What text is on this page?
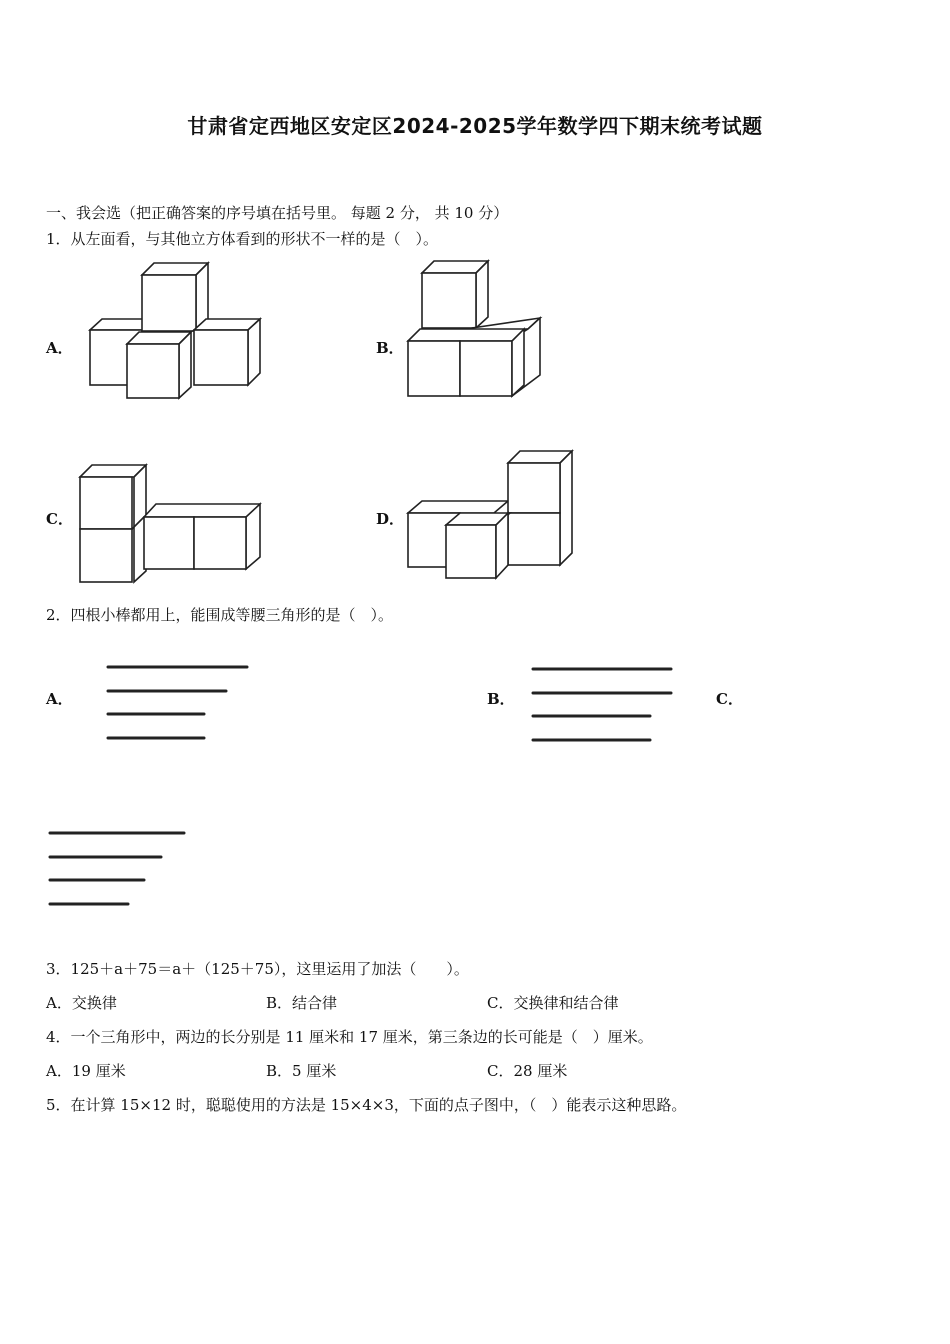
甘肃省定西地区安定区2024-2025学年数学四下期末统考试题
一、我会选（把正确答案的序号填在括号里。 每题 2 分， 共 10 分）
1．从左面看，与其他立方体看到的形状不一样的是（　）。
A．	B．
C．	D．
2．四根小棒都用上，能围成等腰三角形的是（　）。
A．	B．	C．
3．125＋a＋75＝a＋（125＋75），这里运用了加法（　　）。
A．交换律	B．结合律	C．交换律和结合律
4．一个三角形中，两边的长分别是 11 厘米和 17 厘米，第三条边的长可能是（　）厘米。
A．19 厘米	B．5 厘米	C．28 厘米
5．在计算 15×12 时，聪聪使用的方法是 15×4×3，下面的点子图中，（　）能表示这种思路。
